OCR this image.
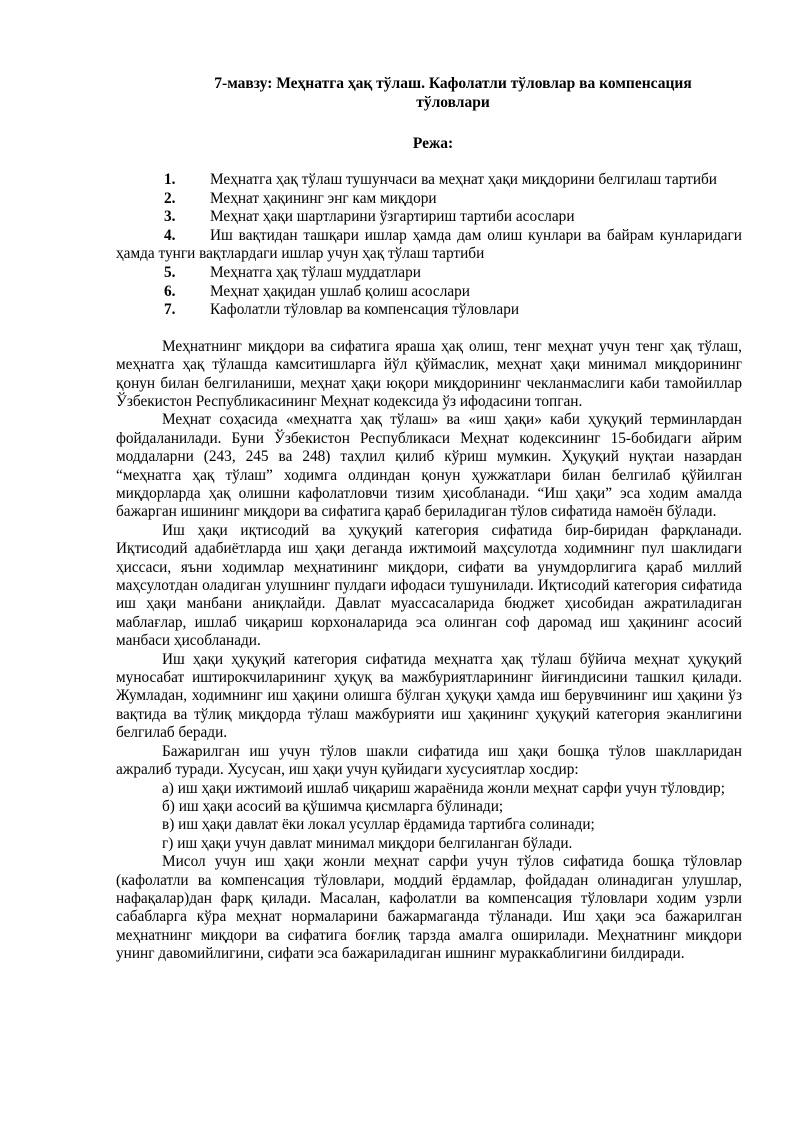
7-мавзу: Меҳнатга ҳақ тўлаш. Кафолатли тўловлар ва компенсация тўловлари
Режа:

1. Меҳнатга ҳақ тўлаш тушунчаси ва меҳнат ҳақи миқдорини белгилаш тартиби

2. Меҳнат ҳақининг энг кам миқдори

3. Меҳнат ҳақи шартларини ўзгартириш тартиби асослари

4. Иш вақтидан ташқари ишлар ҳамда дам олиш кунлари ва байрам кунларидаги ҳамда тунги вақтлардаги ишлар учун ҳақ тўлаш тартиби

5. Меҳнатга ҳақ тўлаш муддатлари

6. Меҳнат ҳақидан ушлаб қолиш асослари

7. Кафолатли тўловлар ва компенсация тўловлари

Меҳнатнинг миқдори ва сифатига яраша ҳақ олиш, тенг меҳнат учун тенг ҳақ тўлаш, меҳнатга ҳақ тўлашда камситишларга йўл қўймаслик, меҳнат ҳақи минимал миқдорининг қонун билан белгиланиши, меҳнат ҳақи юқори миқдорининг чекланмаслиги каби тамойиллар Ўзбекистон Республикасининг Меҳнат кодексида ўз ифодасини топган.

Меҳнат соҳасида «меҳнатга ҳақ тўлаш» ва «иш ҳақи» каби ҳуқуқий терминлардан фойдаланилади. Буни Ўзбекистон Республикаси Меҳнат кодексининг 15-бобидаги айрим моддаларни (243, 245 ва 248) таҳлил қилиб кўриш мумкин. Ҳуқуқий нуқтаи назардан “меҳнатга ҳақ тўлаш” ходимга олдиндан қонун ҳужжатлари билан белгилаб қўйилган миқдорларда ҳақ олишни кафолатловчи тизим ҳисобланади. “Иш ҳақи” эса ходим амалда бажарган ишининг миқдори ва сифатига қараб бериладиган тўлов сифатида намоён бўлади.

Иш ҳақи иқтисодий ва ҳуқуқий категория сифатида бир-биридан фарқланади. Иқтисодий адабиётларда иш ҳақи деганда ижтимоий маҳсулотда ходимнинг пул шаклидаги ҳиссаси, яъни ходимлар меҳнатининг миқдори, сифати ва унумдорлигига қараб миллий маҳсулотдан оладиган улушнинг пулдаги ифодаси тушунилади. Иқтисодий категория сифатида иш ҳақи манбани аниқлайди. Давлат муассасаларида бюджет ҳисобидан ажратиладиган маблағлар, ишлаб чиқариш корхоналарида эса олинган соф даромад иш ҳақининг асосий манбаси ҳисобланади.

Иш ҳақи ҳуқуқий категория сифатида меҳнатга ҳақ тўлаш бўйича меҳнат ҳуқуқий муносабат иштирокчиларининг ҳуқуқ ва мажбуриятларининг йиғиндисини ташкил қилади. Жумладан, ходимнинг иш ҳақини олишга бўлган ҳуқуқи ҳамда иш берувчининг иш ҳақини ўз вақтида ва тўлиқ миқдорда тўлаш мажбурияти иш ҳақининг ҳуқуқий категория эканлигини белгилаб беради.

Бажарилган иш учун тўлов шакли сифатида иш ҳақи бошқа тўлов шаклларидан ажралиб туради. Хусусан, иш ҳақи учун қуйидаги хусусиятлар хосдир:

а) иш ҳақи ижтимоий ишлаб чиқариш жараёнида жонли меҳнат сарфи учун тўловдир;

б) иш ҳақи асосий ва қўшимча қисмларга бўлинади;

в) иш ҳақи давлат ёки локал усуллар ёрдамида тартибга солинади;

г) иш ҳақи учун давлат минимал миқдори белгиланган бўлади.

Мисол учун иш ҳақи жонли меҳнат сарфи учун тўлов сифатида бошқа тўловлар (кафолатли ва компенсация тўловлари, моддий ёрдамлар, фойдадан олинадиган улушлар, нафақалар)дан фарқ қилади. Масалан, кафолатли ва компенсация тўловлари ходим узрли сабабларга кўра меҳнат нормаларини бажармаганда тўланади. Иш ҳақи эса бажарилган меҳнатнинг миқдори ва сифатига боғлиқ тарзда амалга оширилади. Меҳнатнинг миқдори унинг давомийлигини, сифати эса бажариладиган ишнинг мураккаблигини билдиради.
